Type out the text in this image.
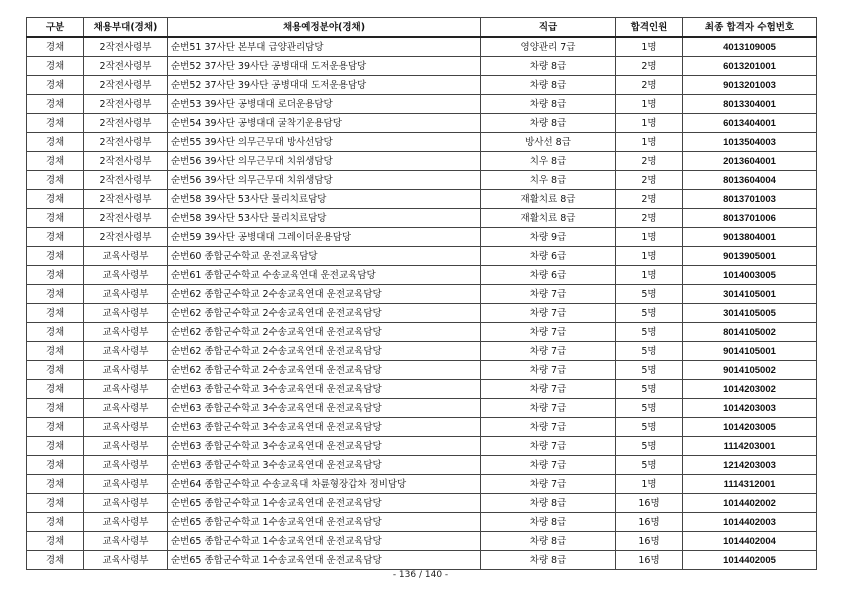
구분	채용부대(경채)	채용예정분야(경채)	직급	합격인원	최종 합격자 수험번호
경채	2작전사령부	순번51 37사단 본부대 급양관리담당	영양관리 7급	1명	4013109005
경채	2작전사령부	순번52 37사단 39사단 공병대대 도저운용담당	차량 8급	2명	6013201001
경채	2작전사령부	순번52 37사단 39사단 공병대대 도저운용담당	차량 8급	2명	9013201003
경채	2작전사령부	순번53 39사단 공병대대 로더운용담당	차량 8급	1명	8013304001
경채	2작전사령부	순번54 39사단 공병대대 굴착기운용담당	차량 8급	1명	6013404001
경채	2작전사령부	순번55 39사단 의무근무대 방사선담당	방사선 8급	1명	1013504003
경채	2작전사령부	순번56 39사단 의무근무대 치위생담당	치우 8급	2명	2013604001
경채	2작전사령부	순번56 39사단 의무근무대 치위생담당	치우 8급	2명	8013604004
경채	2작전사령부	순번58 39사단 53사단 물리치료담당	재활치료 8급	2명	8013701003
경채	2작전사령부	순번58 39사단 53사단 물리치료담당	재활치료 8급	2명	8013701006
경채	2작전사령부	순번59 39사단 공병대대 그레이더운용담당	차량 9급	1명	9013804001
경채	교육사령부	순번60 종합군수학교 운전교육담당	차량 6급	1명	9013905001
경채	교육사령부	순번61 종합군수학교 수송교육연대 운전교육담당	차량 6급	1명	1014003005
경채	교육사령부	순번62 종합군수학교 2수송교육연대 운전교육담당	차량 7급	5명	3014105001
경채	교육사령부	순번62 종합군수학교 2수송교육연대 운전교육담당	차량 7급	5명	3014105005
경채	교육사령부	순번62 종합군수학교 2수송교육연대 운전교육담당	차량 7급	5명	8014105002
경채	교육사령부	순번62 종합군수학교 2수송교육연대 운전교육담당	차량 7급	5명	9014105001
경채	교육사령부	순번62 종합군수학교 2수송교육연대 운전교육담당	차량 7급	5명	9014105002
경채	교육사령부	순번63 종합군수학교 3수송교육연대 운전교육담당	차량 7급	5명	1014203002
경채	교육사령부	순번63 종합군수학교 3수송교육연대 운전교육담당	차량 7급	5명	1014203003
경채	교육사령부	순번63 종합군수학교 3수송교육연대 운전교육담당	차량 7급	5명	1014203005
경채	교육사령부	순번63 종합군수학교 3수송교육연대 운전교육담당	차량 7급	5명	1114203001
경채	교육사령부	순번63 종합군수학교 3수송교육연대 운전교육담당	차량 7급	5명	1214203003
경채	교육사령부	순번64 종합군수학교 수송교육대 차륜형장갑차 정비담당	차량 7급	1명	1114312001
경채	교육사령부	순번65 종합군수학교 1수송교육연대 운전교육담당	차량 8급	16명	1014402002
경채	교육사령부	순번65 종합군수학교 1수송교육연대 운전교육담당	차량 8급	16명	1014402003
경채	교육사령부	순번65 종합군수학교 1수송교육연대 운전교육담당	차량 8급	16명	1014402004
경채	교육사령부	순번65 종합군수학교 1수송교육연대 운전교육담당	차량 8급	16명	1014402005
- 136 / 140 -
